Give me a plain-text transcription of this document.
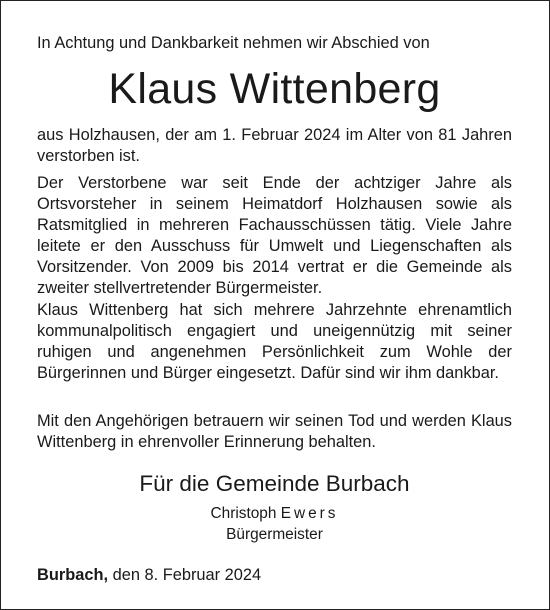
In Achtung und Dankbarkeit nehmen wir Abschied von
Klaus Wittenberg

aus Holzhausen, der am 1. Februar 2024 im Alter von 81 Jahren verstorben ist.

Der Verstorbene war seit Ende der achtziger Jahre als Ortsvorsteher in seinem Heimatdorf Holzhausen sowie als Ratsmitglied in mehreren Fachausschüssen tätig. Viele Jahre leitete er den Ausschuss für Umwelt und Liegenschaften als Vorsitzender. Von 2009 bis 2014 vertrat er die Gemeinde als zweiter stellvertretender Bürgermeister.

Klaus Wittenberg hat sich mehrere Jahrzehnte ehrenamtlich kommunalpolitisch engagiert und uneigennützig mit seiner ruhigen und angenehmen Persönlichkeit zum Wohle der Bürgerinnen und Bürger eingesetzt. Dafür sind wir ihm dankbar.

Mit den Angehörigen betrauern wir seinen Tod und werden Klaus Wittenberg in ehrenvoller Erinnerung behalten.

Für die Gemeinde Burbach
Christoph Ewers
Bürgermeister
Burbach, den 8. Februar 2024
